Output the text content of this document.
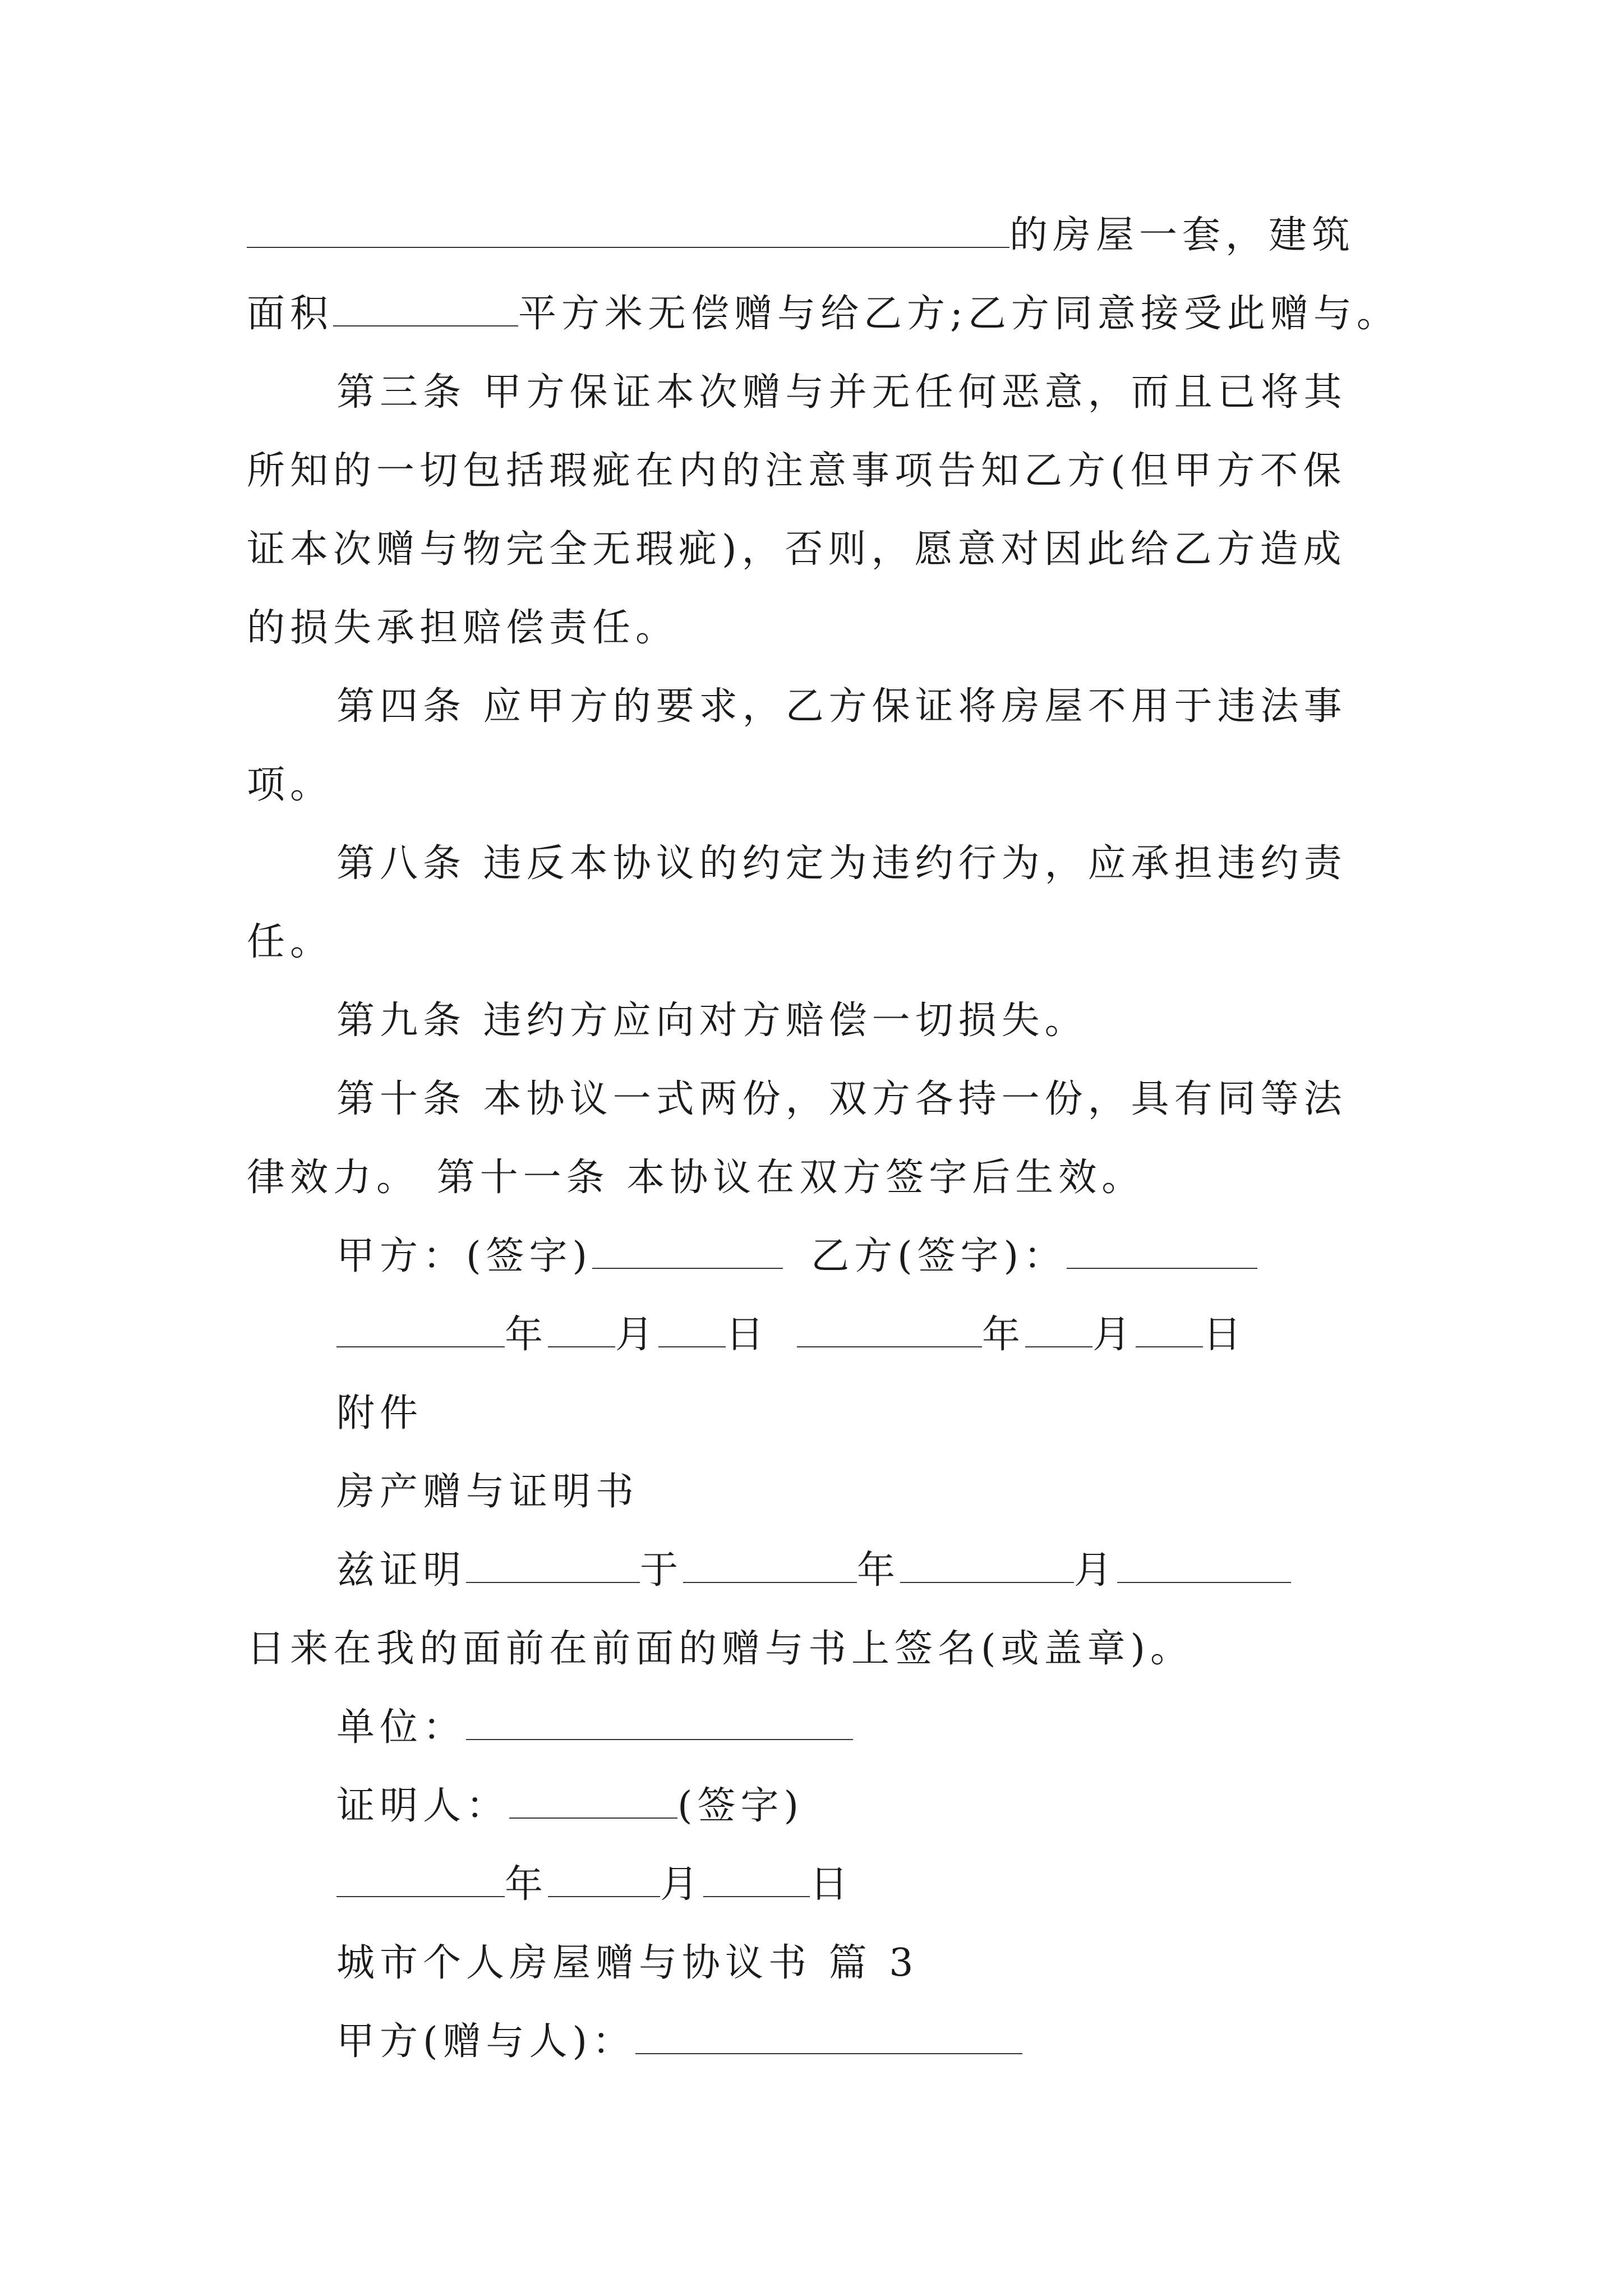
的房屋一套，建筑
面积	平方米无偿赠与给乙方;乙方同意接受此赠与。
第三条 甲方保证本次赠与并无任何恶意，而且已将其
所知的一切包括瑕疵在内的注意事项告知乙方(但甲方不保
证本次赠与物完全无瑕疵)，否则，愿意对因此给乙方造成
的损失承担赔偿责任。
第四条 应甲方的要求，乙方保证将房屋不用于违法事
项。
第八条 违反本协议的约定为违约行为，应承担违约责
任。
第九条 违约方应向对方赔偿一切损失。
第十条 本协议一式两份，双方各持一份，具有同等法
律效力。 第十一条 本协议在双方签字后生效。
甲方：(签字)	乙方(签字)：
年 月 日	年 月 日
附件
房产赠与证明书
兹证明	于	年	月
日来在我的面前在前面的赠与书上签名(或盖章)。
单位：
证明人：	(签字)
年	月	日
城市个人房屋赠与协议书 篇 3
甲方(赠与人)：
